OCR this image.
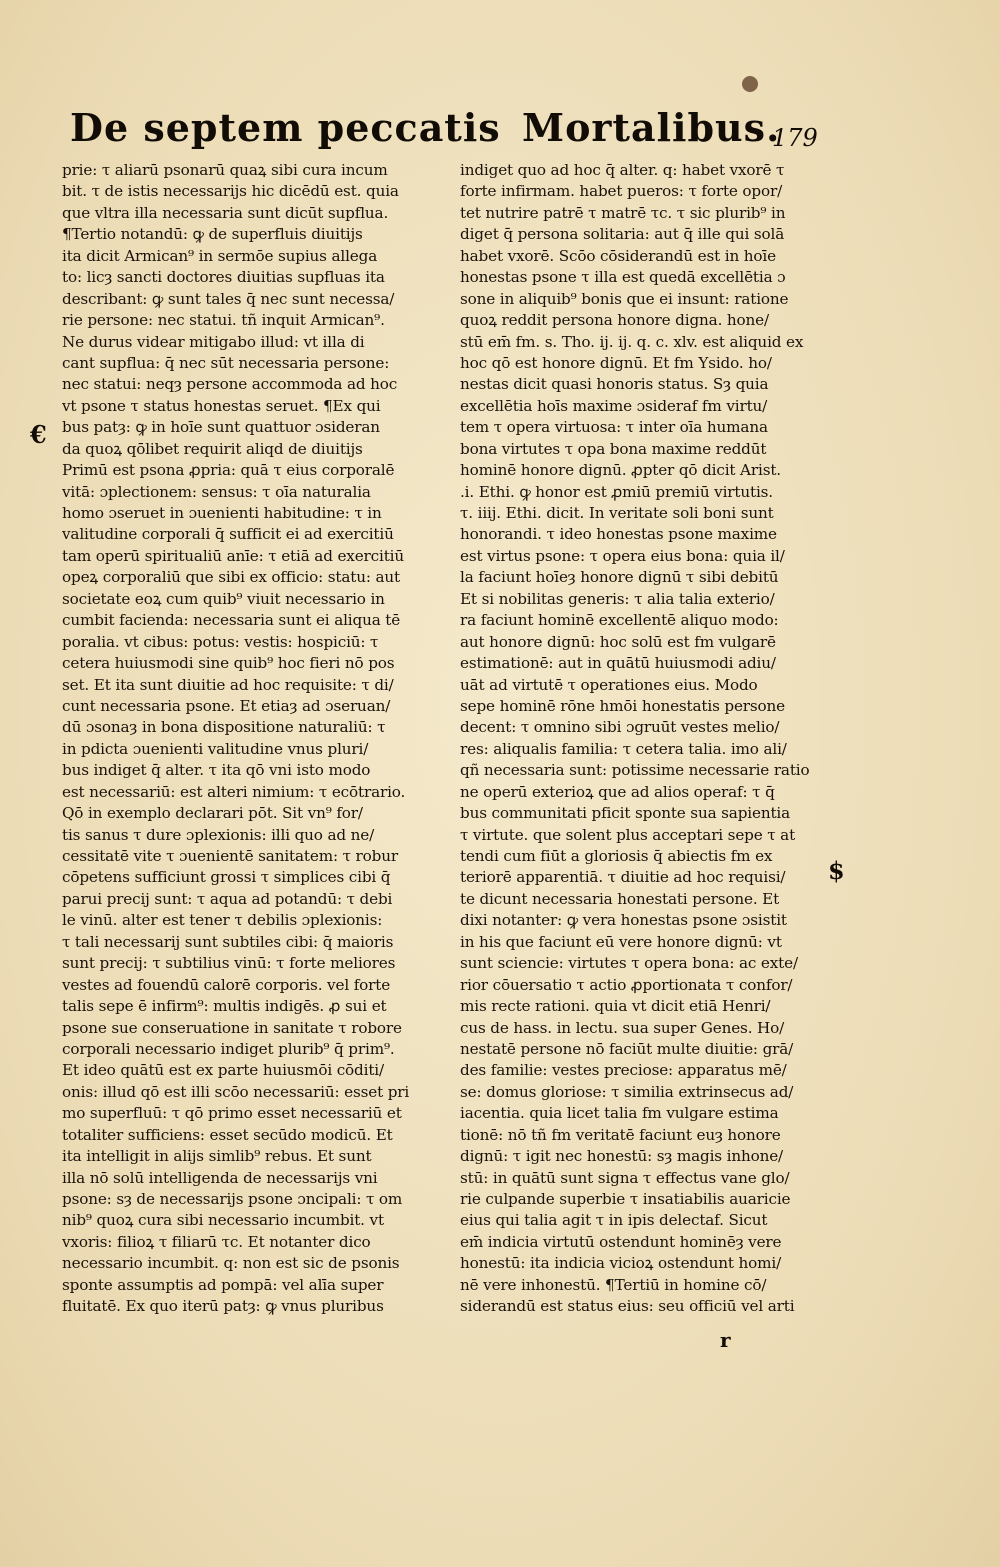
De septem peccatis Mortalibus.
179
€
$
prie: τ aliarū psonarū quaꝝ sibi cura incum
bit. τ de istis necessarijs hic dicēdū est. quia
que vltra illa necessaria sunt dicūt supflua.
¶Tertio notandū: ꝙ de superfluis diuitijs
ita dicit Armican⁹ in sermōe supius allega
to: licȝ sancti doctores diuitias supfluas ita
describant: ꝙ sunt tales q̄ nec sunt necessa/
rie persone: nec statui. tñ inquit Armican⁹.
Ne durus videar mitigabo illud: vt illa di
cant supflua: q̄ nec sūt necessaria persone:
nec statui: neqȝ persone accommoda ad hoc
vt psone τ status honestas seruet. ¶Ex qui
bus patȝ: ꝙ in hoīe sunt quattuor ɔsideran
da quoꝝ qōlibet requirit aliqd de diuitijs
Primū est psona ꝓpria: quā τ eius corporalē
vitā: ɔplectionem: sensus: τ oīa naturalia
homo ɔseruet in ɔuenienti habitudine: τ in
valitudine corporali q̄ sufficit ei ad exercitiū
tam operū spiritualiū anīe: τ etiā ad exercitiū
opeꝝ corporaliū que sibi ex officio: statu: aut
societate eoꝝ cum quib⁹ viuit necessario in
cumbit facienda: necessaria sunt ei aliqua tē
poralia. vt cibus: potus: vestis: hospiciū: τ
cetera huiusmodi sine quib⁹ hoc fieri nō pos
set. Et ita sunt diuitie ad hoc requisite: τ di/
cunt necessaria psone. Et etiaȝ ad ɔseruan/
dū ɔsonaȝ in bona dispositione naturaliū: τ
in pdicta ɔuenienti valitudine vnus pluri/
bus indiget q̄ alter. τ ita qō vni isto modo
est necessariū: est alteri nimium: τ ecōtrario.
Qō in exemplo declarari pōt. Sit vn⁹ for/
tis sanus τ dure ɔplexionis: illi quo ad ne/
cessitatē vite τ ɔuenientē sanitatem: τ robur
cōpetens sufficiunt grossi τ simplices cibi q̄
parui precij sunt: τ aqua ad potandū: τ debi
le vinū. alter est tener τ debilis ɔplexionis:
τ tali necessarij sunt subtiles cibi: q̄ maioris
sunt precij: τ subtilius vinū: τ forte meliores
vestes ad fouendū calorē corporis. vel forte
talis sepe ē infirm⁹: multis indigēs. ꝓ sui et
psone sue conseruatione in sanitate τ robore
corporali necessario indiget plurib⁹ q̄ prim⁹.
Et ideo quātū est ex parte huiusmōi cōditi/
onis: illud qō est illi scōo necessariū: esset pri
mo superfluū: τ qō primo esset necessariū et
totaliter sufficiens: esset secūdo modicū. Et
ita intelligit in alijs simlib⁹ rebus. Et sunt
illa nō solū intelligenda de necessarijs vni
psone: sȝ de necessarijs psone ɔncipali: τ om
nib⁹ quoꝝ cura sibi necessario incumbit. vt
vxoris: filioꝝ τ filiarū τc. Et notanter dico
necessario incumbit. q: non est sic de psonis
sponte assumptis ad pompā: vel alīa super
fluitatē. Ex quo iterū patȝ: ꝙ vnus pluribus
indiget quo ad hoc q̄ alter. q: habet vxorē τ
forte infirmam. habet pueros: τ forte opor/
tet nutrire patrē τ matrē τc. τ sic plurib⁹ in
diget q̄ persona solitaria: aut q̄ ille qui solā
habet vxorē. Scōo cōsiderandū est in hoīe
honestas psone τ illa est quedā excellētia ɔ
sone in aliquib⁹ bonis que ei insunt: ratione
quoꝝ reddit persona honore digna. hone/
stū em̄ fm. s. Tho. ij. ij. q. c. xlv. est aliquid ex
hoc qō est honore dignū. Et fm Ysido. ho/
nestas dicit quasi honoris status. Sȝ quia
excellētia hoīs maxime ɔsideraf fm virtu/
tem τ opera virtuosa: τ inter oīa humana
bona virtutes τ opa bona maxime reddūt
hominē honore dignū. ꝓpter qō dicit Arist.
.i. Ethi. ꝙ honor est ꝓmiū premiū virtutis.
τ. iiij. Ethi. dicit. In veritate soli boni sunt
honorandi. τ ideo honestas psone maxime
est virtus psone: τ opera eius bona: quia il/
la faciunt hoīeȝ honore dignū τ sibi debitū
Et si nobilitas generis: τ alia talia exterio/
ra faciunt hominē excellentē aliquo modo:
aut honore dignū: hoc solū est fm vulgarē
estimationē: aut in quātū huiusmodi adiu/
uāt ad virtutē τ operationes eius. Modo
sepe hominē rōne hmōi honestatis persone
decent: τ omnino sibi ɔgruūt vestes melio/
res: aliqualis familia: τ cetera talia. imo ali/
qñ necessaria sunt: potissime necessarie ratio
ne operū exterioꝝ que ad alios operaf: τ q̄
bus communitati pficit sponte sua sapientia
τ virtute. que solent plus acceptari sepe τ at
tendi cum fiūt a gloriosis q̄ abiectis fm ex
teriorē apparentiā. τ diuitie ad hoc requisi/
te dicunt necessaria honestati persone. Et
dixi notanter: ꝙ vera honestas psone ɔsistit
in his que faciunt eū vere honore dignū: vt
sunt sciencie: virtutes τ opera bona: ac exte/
rior cōuersatio τ actio ꝓportionata τ confor/
mis recte rationi. quia vt dicit etiā Henri/
cus de hass. in lectu. sua super Genes. Ho/
nestatē persone nō faciūt multe diuitie: grā/
des familie: vestes preciose: apparatus mē/
se: domus gloriose: τ similia extrinsecus ad/
iacentia. quia licet talia fm vulgare estima
tionē: nō tñ fm veritatē faciunt euȝ honore
dignū: τ igit nec honestū: sȝ magis inhone/
stū: in quātū sunt signa τ effectus vane glo/
rie culpande superbie τ insatiabilis auaricie
eius qui talia agit τ in ipis delectaf. Sicut
em̄ indicia virtutū ostendunt hominēȝ vere
honestū: ita indicia vicioꝝ ostendunt homi/
nē vere inhonestū. ¶Tertiū in homine cō/
siderandū est status eius: seu officiū vel arti
r
